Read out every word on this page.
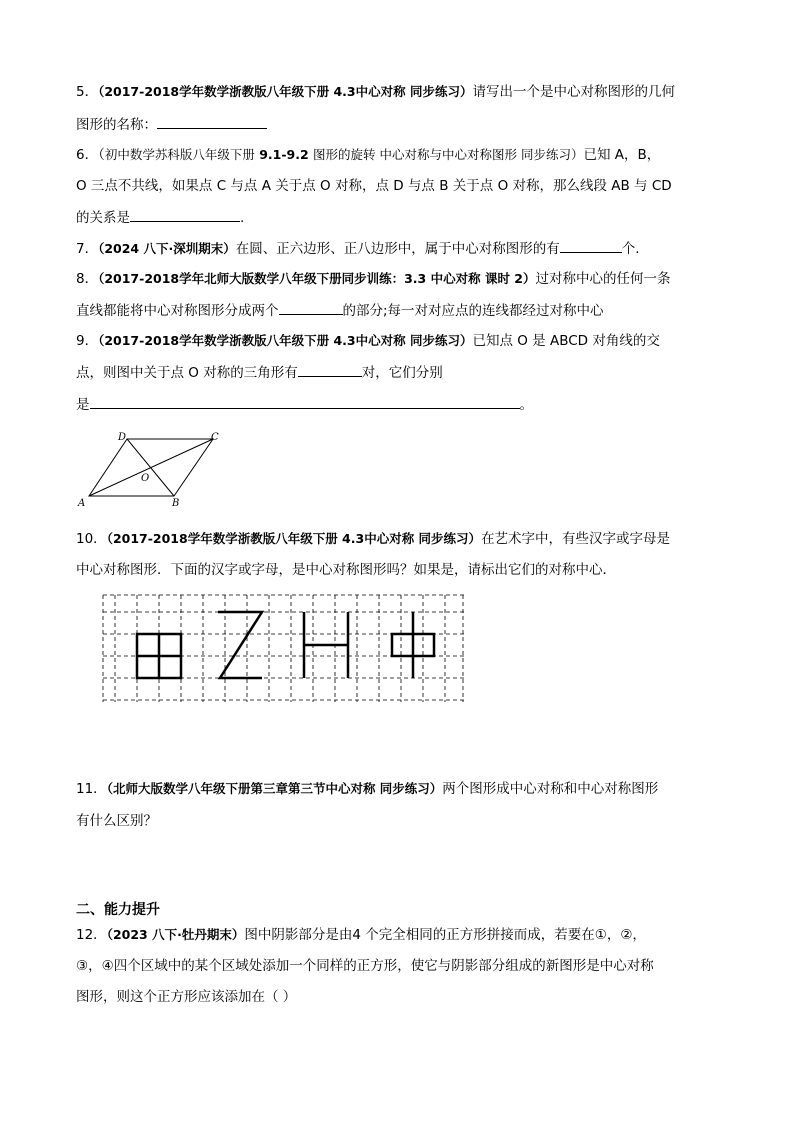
5．（2017-2018学年数学浙教版八年级下册 4.3中心对称 同步练习）请写出一个是中心对称图形的几何
图形的名称：
6．（初中数学苏科版八年级下册 9.1-9.2 图形的旋转 中心对称与中心对称图形 同步练习）已知 A，B，
O 三点不共线，如果点 C 与点 A 关于点 O 对称，点 D 与点 B 关于点 O 对称，那么线段 AB 与 CD
的关系是	.
7．（2024 八下·深圳期末）在圆、正六边形、正八边形中，属于中心对称图形的有	个.
8．（2017-2018学年北师大版数学八年级下册同步训练：3.3 中心对称 课时 2）过对称中心的任何一条
直线都能将中心对称图形分成两个	的部分;每一对对应点的连线都经过对称中心
9．（2017-2018学年数学浙教版八年级下册 4.3中心对称 同步练习）已知点 O 是 ABCD 对角线的交
点，则图中关于点 O 对称的三角形有	对，它们分别
是	。
D	C
O
A	B
10．（2017-2018学年数学浙教版八年级下册 4.3中心对称 同步练习）在艺术字中，有些汉字或字母是
中心对称图形．下面的汉字或字母，是中心对称图形吗？如果是，请标出它们的对称中心．
11．（北师大版数学八年级下册第三章第三节中心对称 同步练习）两个图形成中心对称和中心对称图形
有什么区别？
二、能力提升
12．（2023 八下·牡丹期末）图中阴影部分是由4 个完全相同的正方形拼接而成，若要在①，②，
③，④四个区域中的某个区域处添加一个同样的正方形，使它与阴影部分组成的新图形是中心对称
图形，则这个正方形应该添加在（ ）
